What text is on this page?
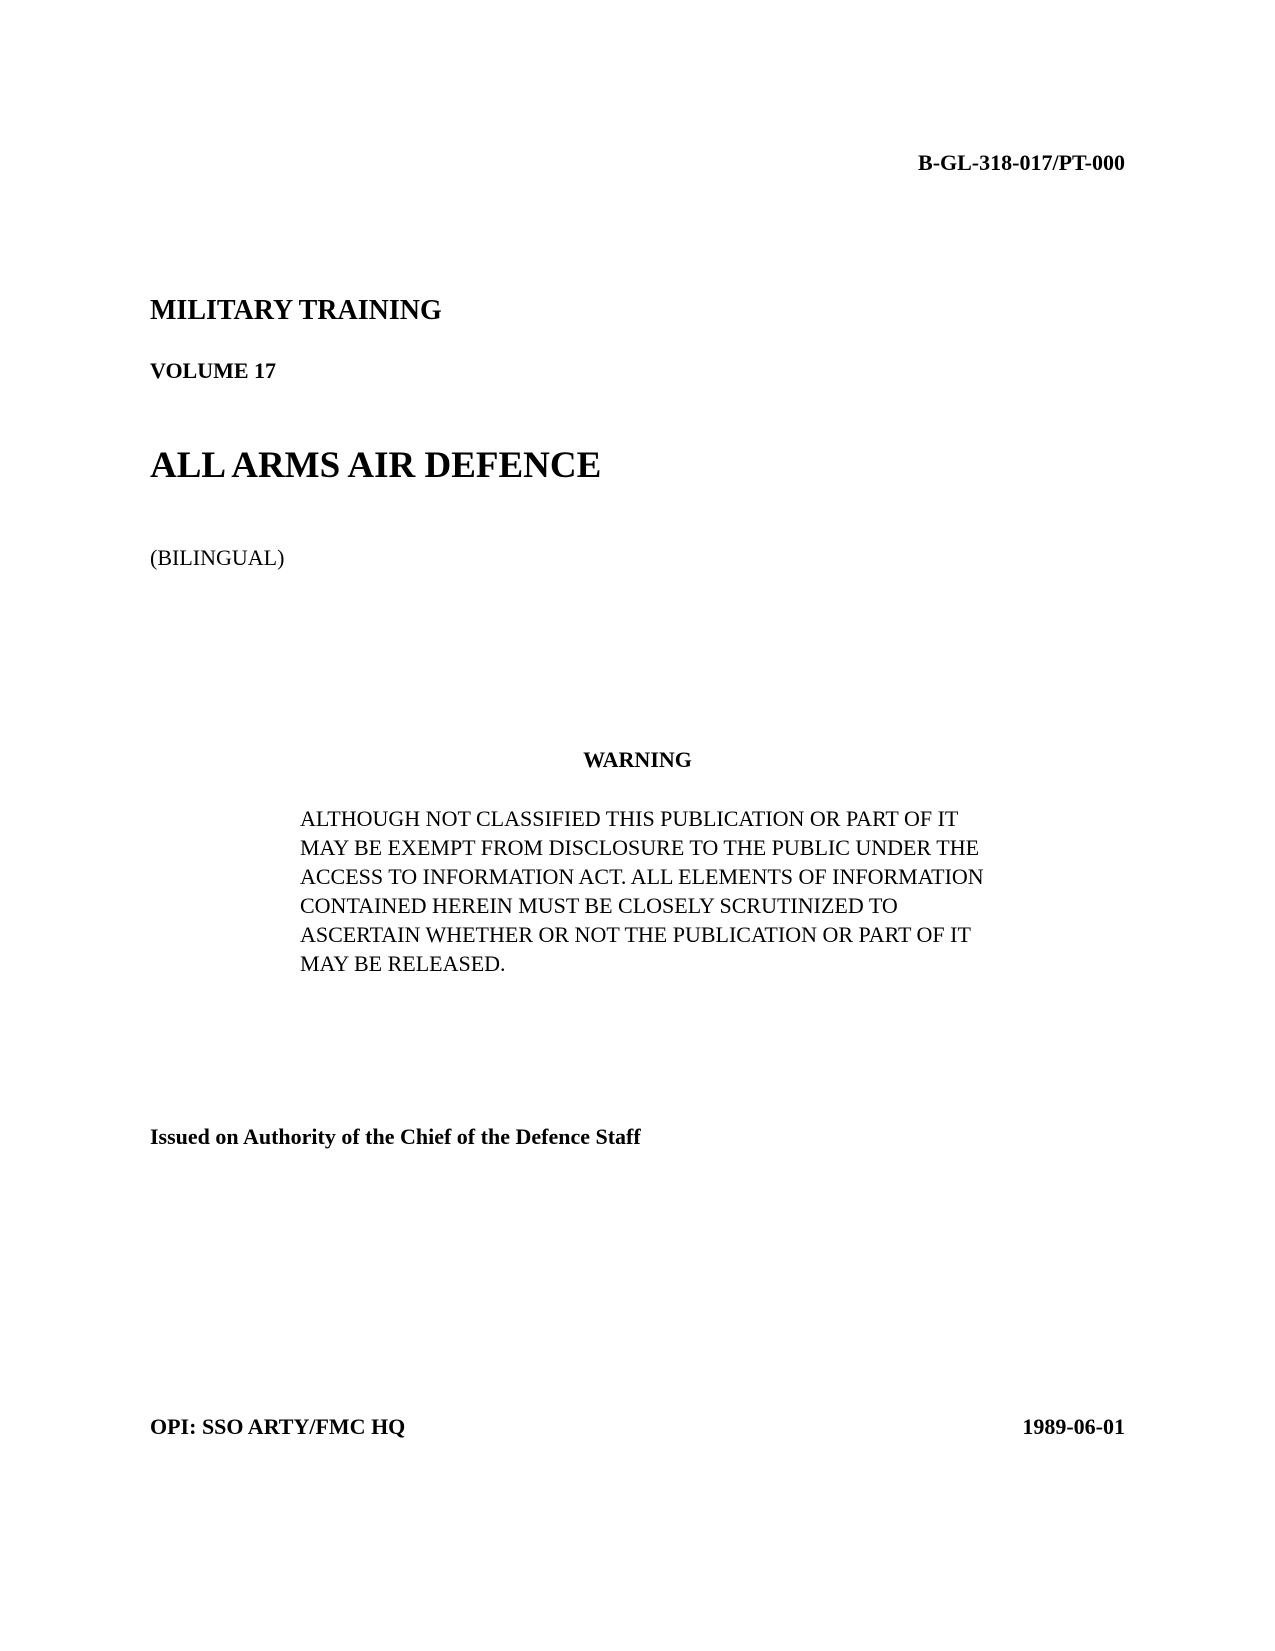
B-GL-318-017/PT-000

MILITARY TRAINING

VOLUME 17

ALL ARMS AIR DEFENCE

(BILINGUAL)

WARNING

ALTHOUGH NOT CLASSIFIED THIS PUBLICATION OR PART OF IT MAY BE EXEMPT FROM DISCLOSURE TO THE PUBLIC UNDER THE ACCESS TO INFORMATION ACT. ALL ELEMENTS OF INFORMATION CONTAINED HEREIN MUST BE CLOSELY SCRUTINIZED TO ASCERTAIN WHETHER OR NOT THE PUBLICATION OR PART OF IT MAY BE RELEASED.

Issued on Authority of the Chief of the Defence Staff

OPI: SSO ARTY/FMC HQ	1989-06-01
